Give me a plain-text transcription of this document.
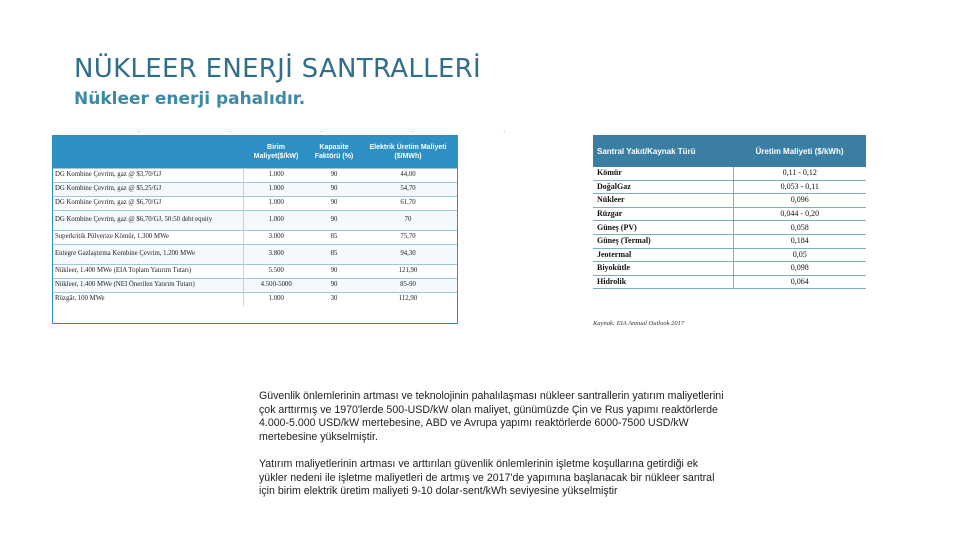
NÜKLEER ENERJİ SANTRALLERİ
Nükleer enerji pahalıdır.
. . . . .
	Birim Maliyet($/kW)	Kapasite Faktörü (%)	Elektrik Üretim Maliyeti ($/MWh)
DG Kombine Çevrim, gaz @ $3,70/GJ	1.000	90	44,00
DG Kombine Çevrim, gaz @ $5,25/GJ	1.000	90	54,70
DG Kombine Çevrim, gaz @ $6,70/GJ	1.000	90	61,70
DG Kombine Çevrim, gaz @ $6,70/GJ, 50:50 debt equity	1.000	90	70
Superkritik Pülverize Kömür, 1.300 MWe	3.000	85	75,70
Entegre Gazlaştırma Kombine Çevrim, 1.200 MWe	3.800	85	94,30
Nükleer, 1.400 MWe (EIA Toplam Yatırım Tutarı)	5.500	90	121,90
Nükleer, 1.400 MWe (NEI Önerilen Yatırım Tutarı)	4.500-5000	90	85-90
Rüzgâr, 100 MWe	1.000	30	112,90
Santral Yakıt/Kaynak Türü	Üretim Maliyeti ($/kWh)
Kömür	0,11 - 0,12
DoğalGaz	0,053 - 0,11
Nükleer	0,096
Rüzgar	0,044 - 0,20
Güneş (PV)	0,058
Güneş (Termal)	0,184
Jeotermal	0,05
Biyokütle	0,098
Hidrolik	0,064
Kaynak: EIA Annual Outlook 2017

Güvenlik önlemlerinin artması ve teknolojinin pahalılaşması nükleer santrallerin yatırım maliyetlerini çok arttırmış ve 1970'lerde 500-USD/kW olan maliyet, günümüzde Çin ve Rus yapımı reaktörlerde 4.000-5.000 USD/kW mertebesine, ABD ve Avrupa yapımı reaktörlerde 6000-7500 USD/kW mertebesine yükselmiştir.

Yatırım maliyetlerinin artması ve arttırılan güvenlik önlemlerinin işletme koşullarına getirdiği ek yükler nedeni ile işletme maliyetleri de artmış ve 2017'de yapımına başlanacak bir nükleer santral için birim elektrik üretim maliyeti 9-10 dolar-sent/kWh seviyesine yükselmiştir
